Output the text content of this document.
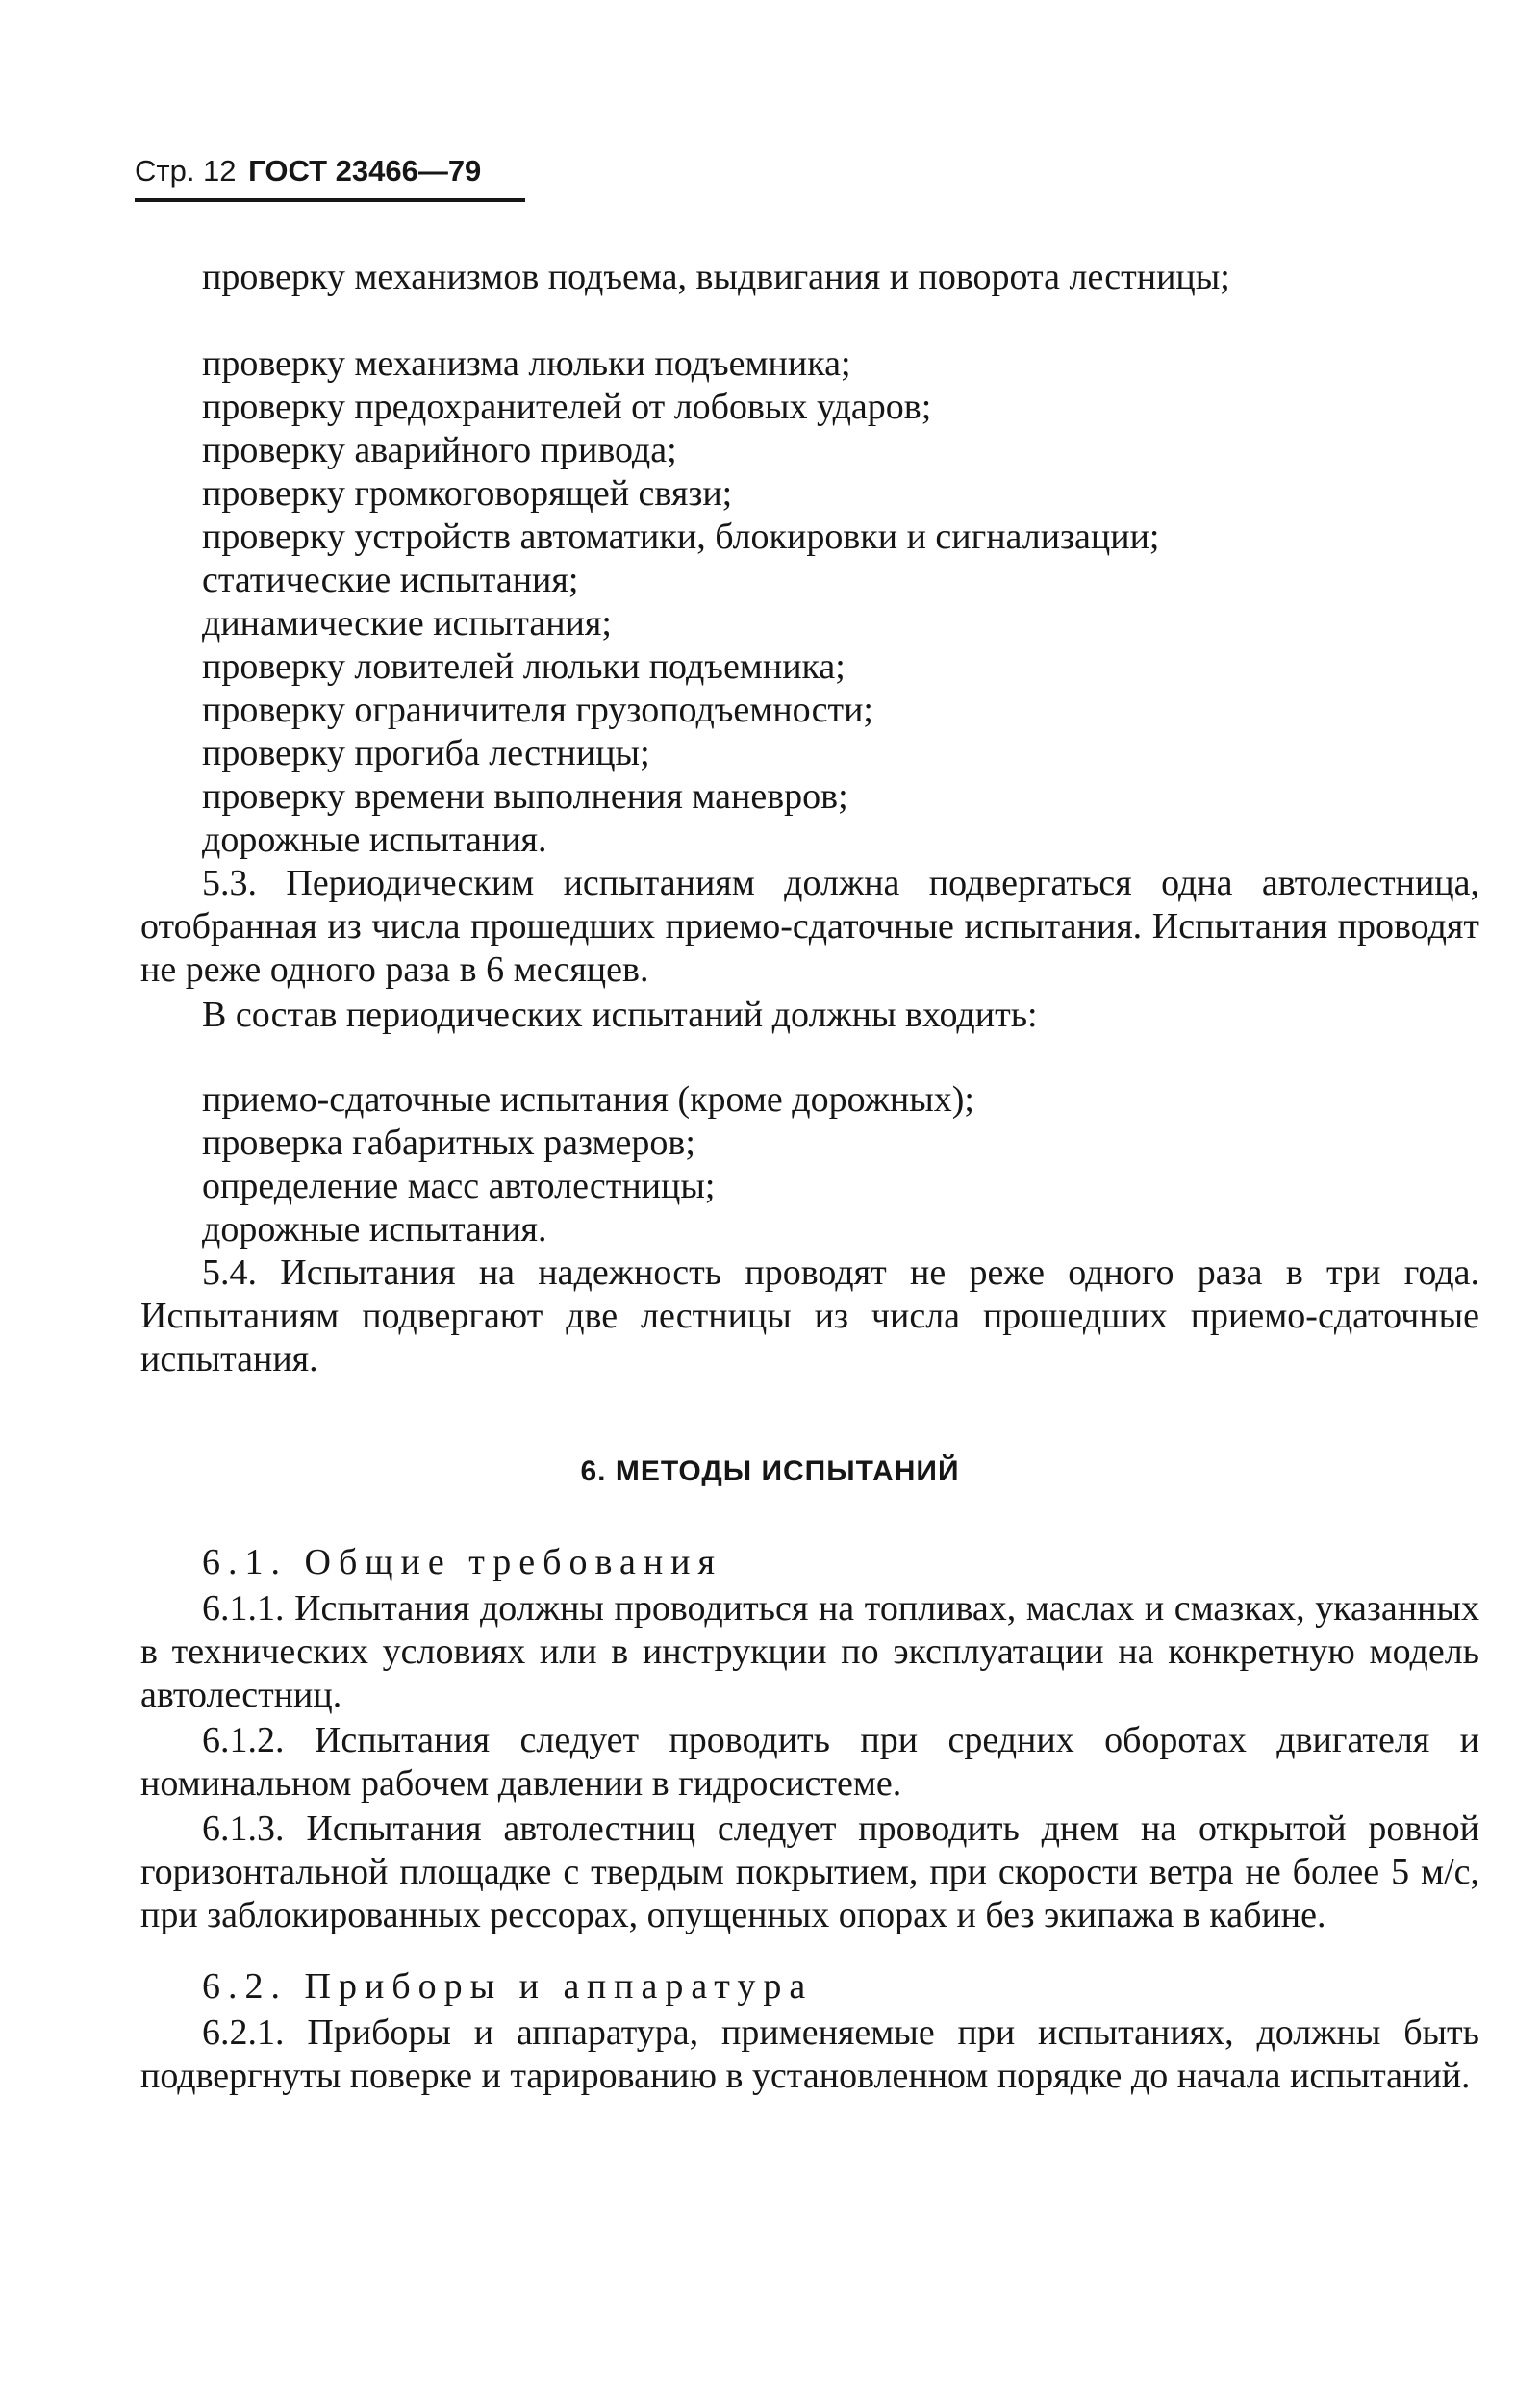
Стр. 12 ГОСТ 23466—79

проверку механизмов подъема, выдвигания и поворота лестницы;

проверку механизма люльки подъемника;
проверку предохранителей от лобовых ударов;
проверку аварийного привода;
проверку громкоговорящей связи;
проверку устройств автоматики, блокировки и сигнализации;
статические испытания;
динамические испытания;
проверку ловителей люльки подъемника;
проверку ограничителя грузоподъемности;
проверку прогиба лестницы;
проверку времени выполнения маневров;
дорожные испытания.

5.3. Периодическим испытаниям должна подвергаться одна автолестница, отобранная из числа прошедших приемо-сдаточные испытания. Испытания проводят не реже одного раза в 6 месяцев.

В состав периодических испытаний должны входить:

приемо-сдаточные испытания (кроме дорожных);
проверка габаритных размеров;
определение масс автолестницы;
дорожные испытания.

5.4. Испытания на надежность проводят не реже одного раза в три года. Испытаниям подвергают две лестницы из числа прошедших приемо-сдаточные испытания.

6. МЕТОДЫ ИСПЫТАНИЙ
6.1. Общие требования

6.1.1. Испытания должны проводиться на топливах, маслах и смазках, указанных в технических условиях или в инструкции по эксплуатации на конкретную модель автолестниц.

6.1.2. Испытания следует проводить при средних оборотах двигателя и номинальном рабочем давлении в гидросистеме.

6.1.3. Испытания автолестниц следует проводить днем на открытой ровной горизонтальной площадке с твердым покрытием, при скорости ветра не более 5 м/с, при заблокированных рессорах, опущенных опорах и без экипажа в кабине.

6.2. Приборы и аппаратура

6.2.1. Приборы и аппаратура, применяемые при испытаниях, должны быть подвергнуты поверке и тарированию в установленном порядке до начала испытаний.
